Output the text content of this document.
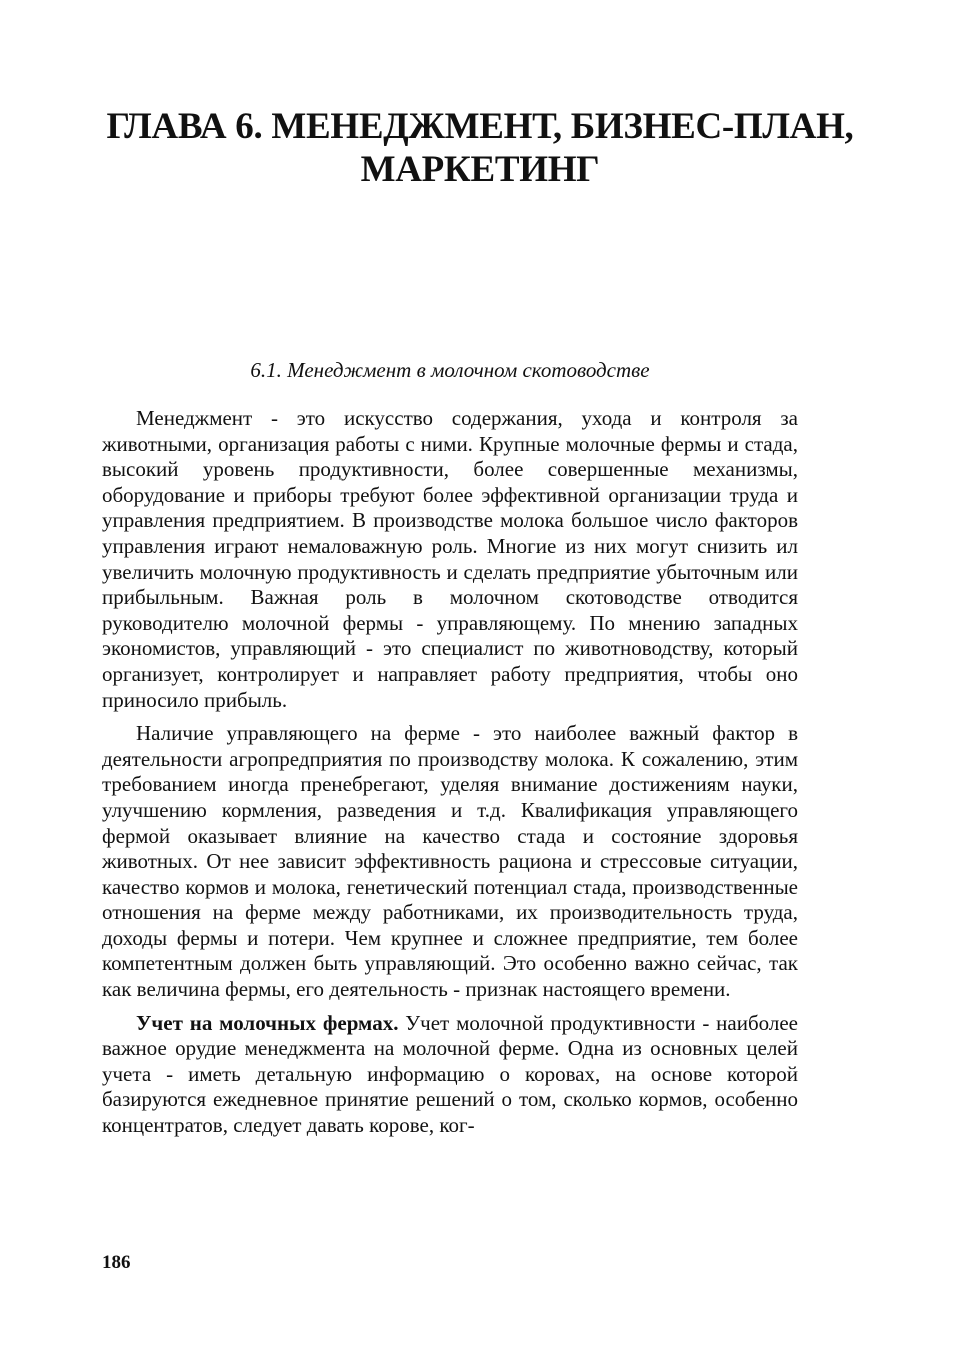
ГЛАВА 6. МЕНЕДЖМЕНТ, БИЗНЕС-ПЛАН,
МАРКЕТИНГ
6.1. Менеджмент в молочном скотоводстве

Менеджмент - это искусство содержания, ухода и контроля за животными, организация работы с ними. Крупные молочные фермы и стада, высокий уровень продуктивности, более совершенные механизмы, оборудование и приборы требуют более эффективной организации труда и управления предприятием. В производстве молока большое число факторов управления играют немаловажную роль. Многие из них могут снизить ил увеличить молочную продуктивность и сделать предприятие убыточным или прибыльным. Важная роль в молочном скотоводстве отводится руководителю молочной фермы - управляющему. По мнению западных экономистов, управляющий - это специалист по животноводству, который организует, контролирует и направляет работу предприятия, чтобы оно приносило прибыль.

Наличие управляющего на ферме - это наиболее важный фактор в деятельности агропредприятия по производству молока. К сожалению, этим требованием иногда пренебрегают, уделяя внимание достижениям науки, улучшению кормления, разведения и т.д. Квалификация управляющего фермой оказывает влияние на качество стада и состояние здоровья животных. От нее зависит эффективность рациона и стрессовые ситуации, качество кормов и молока, генетический потенциал стада, производственные отношения на ферме между работниками, их производительность труда, доходы фермы и потери. Чем крупнее и сложнее предприятие, тем более компетентным должен быть управляющий. Это особенно важно сейчас, так как величина фермы, его деятельность - признак настоящего времени.

Учет на молочных фермах. Учет молочной продуктивности - наиболее важное орудие менеджмента на молочной ферме. Одна из основных целей учета - иметь детальную информацию о коровах, на основе которой базируются ежедневное принятие решений о том, сколько кормов, особенно концентратов, следует давать корове, ког-

186
